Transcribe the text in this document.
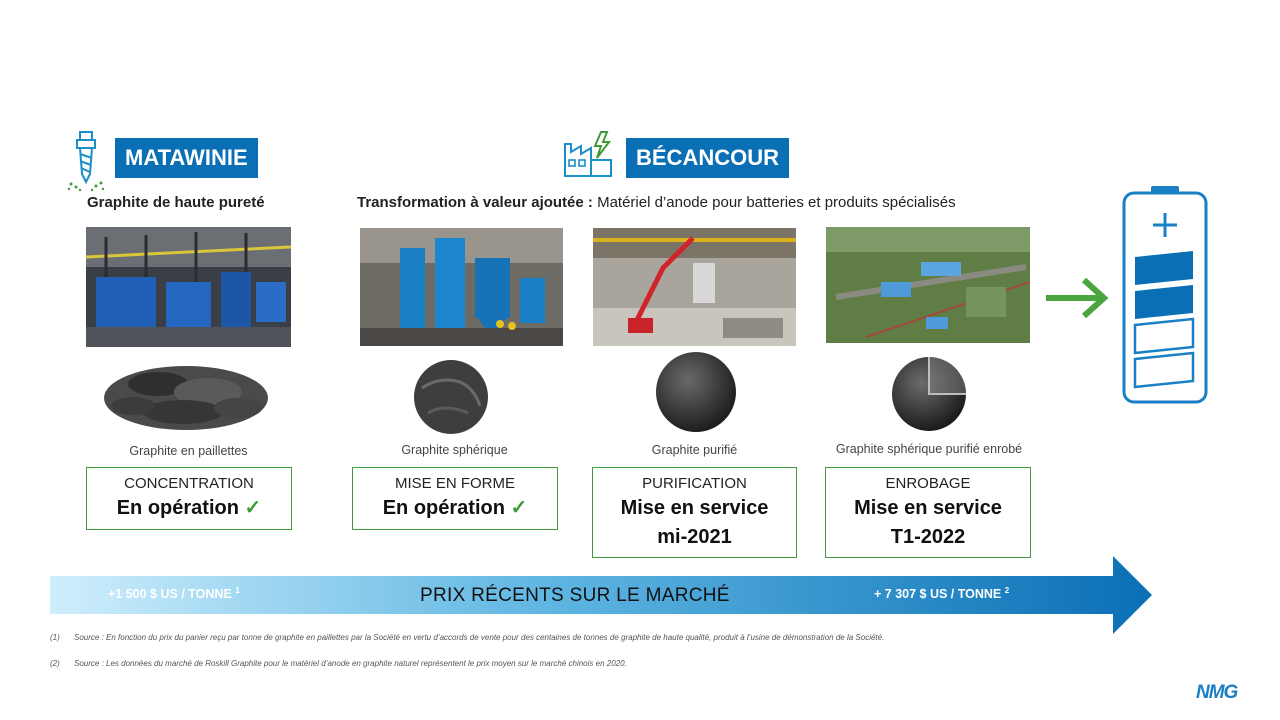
MATAWINIE
Graphite de haute pureté
BÉCANCOUR
Transformation à valeur ajoutée : Matériel d’anode pour batteries et produits spécialisés
Graphite en paillettes	Graphite sphérique	Graphite purifié	Graphite sphérique purifié enrobé
CONCENTRATION
En opération ✓
MISE EN FORME
En opération ✓
PURIFICATION
Mise en service
mi-2021
ENROBAGE
Mise en service
T1-2022
+1 500 $ US / TONNE $^1$	PRIX RÉCENTS SUR LE MARCHÉ	+ 7 307 $ US / TONNE $^2$
(1)	Source : En fonction du prix du panier reçu par tonne de graphite en paillettes par la Société en vertu d’accords de vente pour des centaines de tonnes de graphite de haute qualité, produit à l’usine de démonstration de la Société.
(2)	Source : Les données du marché de Roskill Graphite pour le matériel d’anode en graphite naturel représentent le prix moyen sur le marché chinois en 2020.
NMG
